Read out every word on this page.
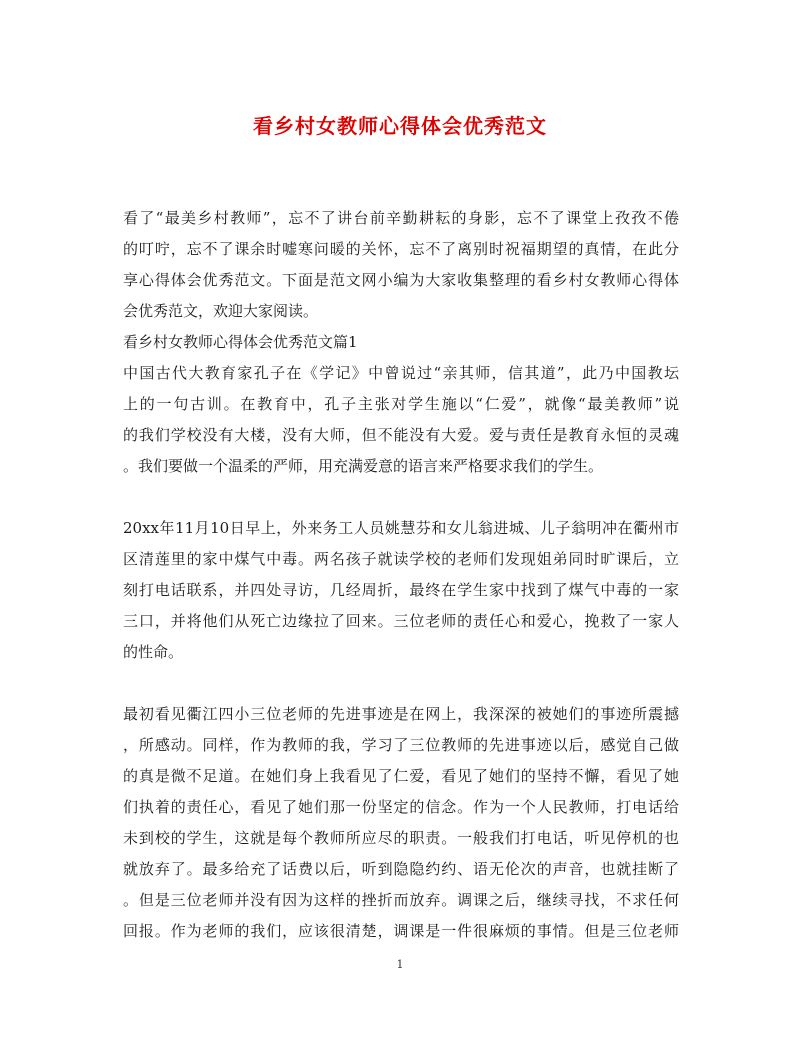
看乡村女教师心得体会优秀范文
看了“最美乡村教师”，忘不了讲台前辛勤耕耘的身影，忘不了课堂上孜孜不倦
的叮咛，忘不了课余时嘘寒问暖的关怀，忘不了离别时祝福期望的真情，在此分
享心得体会优秀范文。下面是范文网小编为大家收集整理的看乡村女教师心得体
会优秀范文，欢迎大家阅读。
看乡村女教师心得体会优秀范文篇1
中国古代大教育家孔子在《学记》中曾说过“亲其师，信其道”，此乃中国教坛
上的一句古训。在教育中，孔子主张对学生施以“仁爱”，就像“最美教师”说
的我们学校没有大楼，没有大师，但不能没有大爱。爱与责任是教育永恒的灵魂
。我们要做一个温柔的严师，用充满爱意的语言来严格要求我们的学生。
20xx年11月10日早上，外来务工人员姚慧芬和女儿翁进城、儿子翁明冲在衢州市
区清莲里的家中煤气中毒。两名孩子就读学校的老师们发现姐弟同时旷课后，立
刻打电话联系，并四处寻访，几经周折，最终在学生家中找到了煤气中毒的一家
三口，并将他们从死亡边缘拉了回来。三位老师的责任心和爱心，挽救了一家人
的性命。
最初看见衢江四小三位老师的先进事迹是在网上，我深深的被她们的事迹所震撼
，所感动。同样，作为教师的我，学习了三位教师的先进事迹以后，感觉自己做
的真是微不足道。在她们身上我看见了仁爱，看见了她们的坚持不懈，看见了她
们执着的责任心，看见了她们那一份坚定的信念。作为一个人民教师，打电话给
未到校的学生，这就是每个教师所应尽的职责。一般我们打电话，听见停机的也
就放弃了。最多给充了话费以后，听到隐隐约约、语无伦次的声音，也就挂断了
。但是三位老师并没有因为这样的挫折而放弃。调课之后，继续寻找，不求任何
回报。作为老师的我们，应该很清楚，调课是一件很麻烦的事情。但是三位老师
1
